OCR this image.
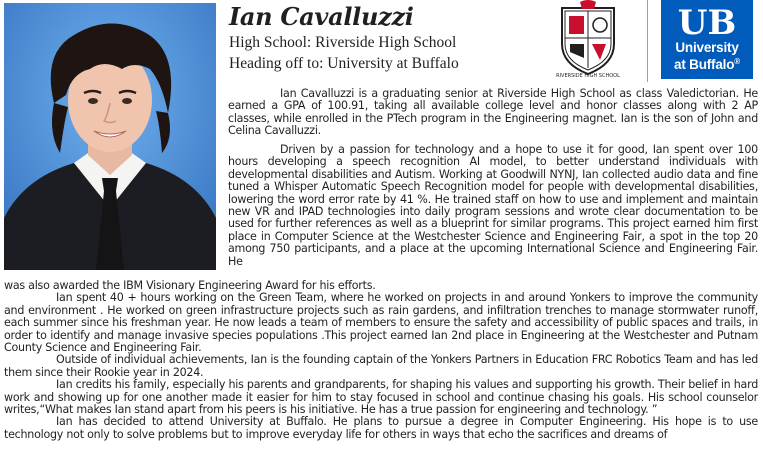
Ian Cavalluzzi
High School: Riverside High School
Heading off to: University at Buffalo
RIVERSIDE HIGH SCHOOL
UB
University
at Buffalo®
Ian Cavalluzzi is a graduating senior at Riverside High School as class Valedictorian. He earned a GPA of 100.91, taking all available college level and honor classes along with 2 AP classes, while enrolled in the PTech program in the Engineering magnet. Ian is the son of John and Celina Cavalluzzi.
Driven by a passion for technology and a hope to use it for good, Ian spent over 100 hours developing a speech recognition AI model, to better understand individuals with developmental disabilities and Autism. Working at Goodwill NYNJ, Ian collected audio data and fine tuned a Whisper Automatic Speech Recognition model for people with developmental disabilities, lowering the word error rate by 41 %. He trained staff on how to use and implement and maintain new VR and IPAD technologies into daily program sessions and wrote clear documentation to be used for further references as well as a blueprint for similar programs. This project earned him first place in Computer Science at the Westchester Science and Engineering Fair, a spot in the top 20 among 750 participants, and a place at the upcoming International Science and Engineering Fair. He
was also awarded the IBM Visionary Engineering Award for his efforts.
Ian spent 40 + hours working on the Green Team, where he worked on projects in and around Yonkers to improve the community and environment . He worked on green infrastructure projects such as rain gardens, and infiltration trenches to manage stormwater runoff, each summer since his freshman year. He now leads a team of members to ensure the safety and accessibility of public spaces and trails, in order to identify and manage invasive species populations .This project earned Ian 2nd place in Engineering at the Westchester and Putnam County Science and Engineering Fair.
Outside of individual achievements, Ian is the founding captain of the Yonkers Partners in Education FRC Robotics Team and has led them since their Rookie year in 2024.
Ian credits his family, especially his parents and grandparents, for shaping his values and supporting his growth. Their belief in hard work and showing up for one another made it easier for him to stay focused in school and continue chasing his goals. His school counselor writes,“What makes Ian stand apart from his peers is his initiative. He has a true passion for engineering and technology. ”
Ian has decided to attend University at Buffalo. He plans to pursue a degree in Computer Engineering. His hope is to use technology not only to solve problems but to improve everyday life for others in ways that echo the sacrifices and dreams of
